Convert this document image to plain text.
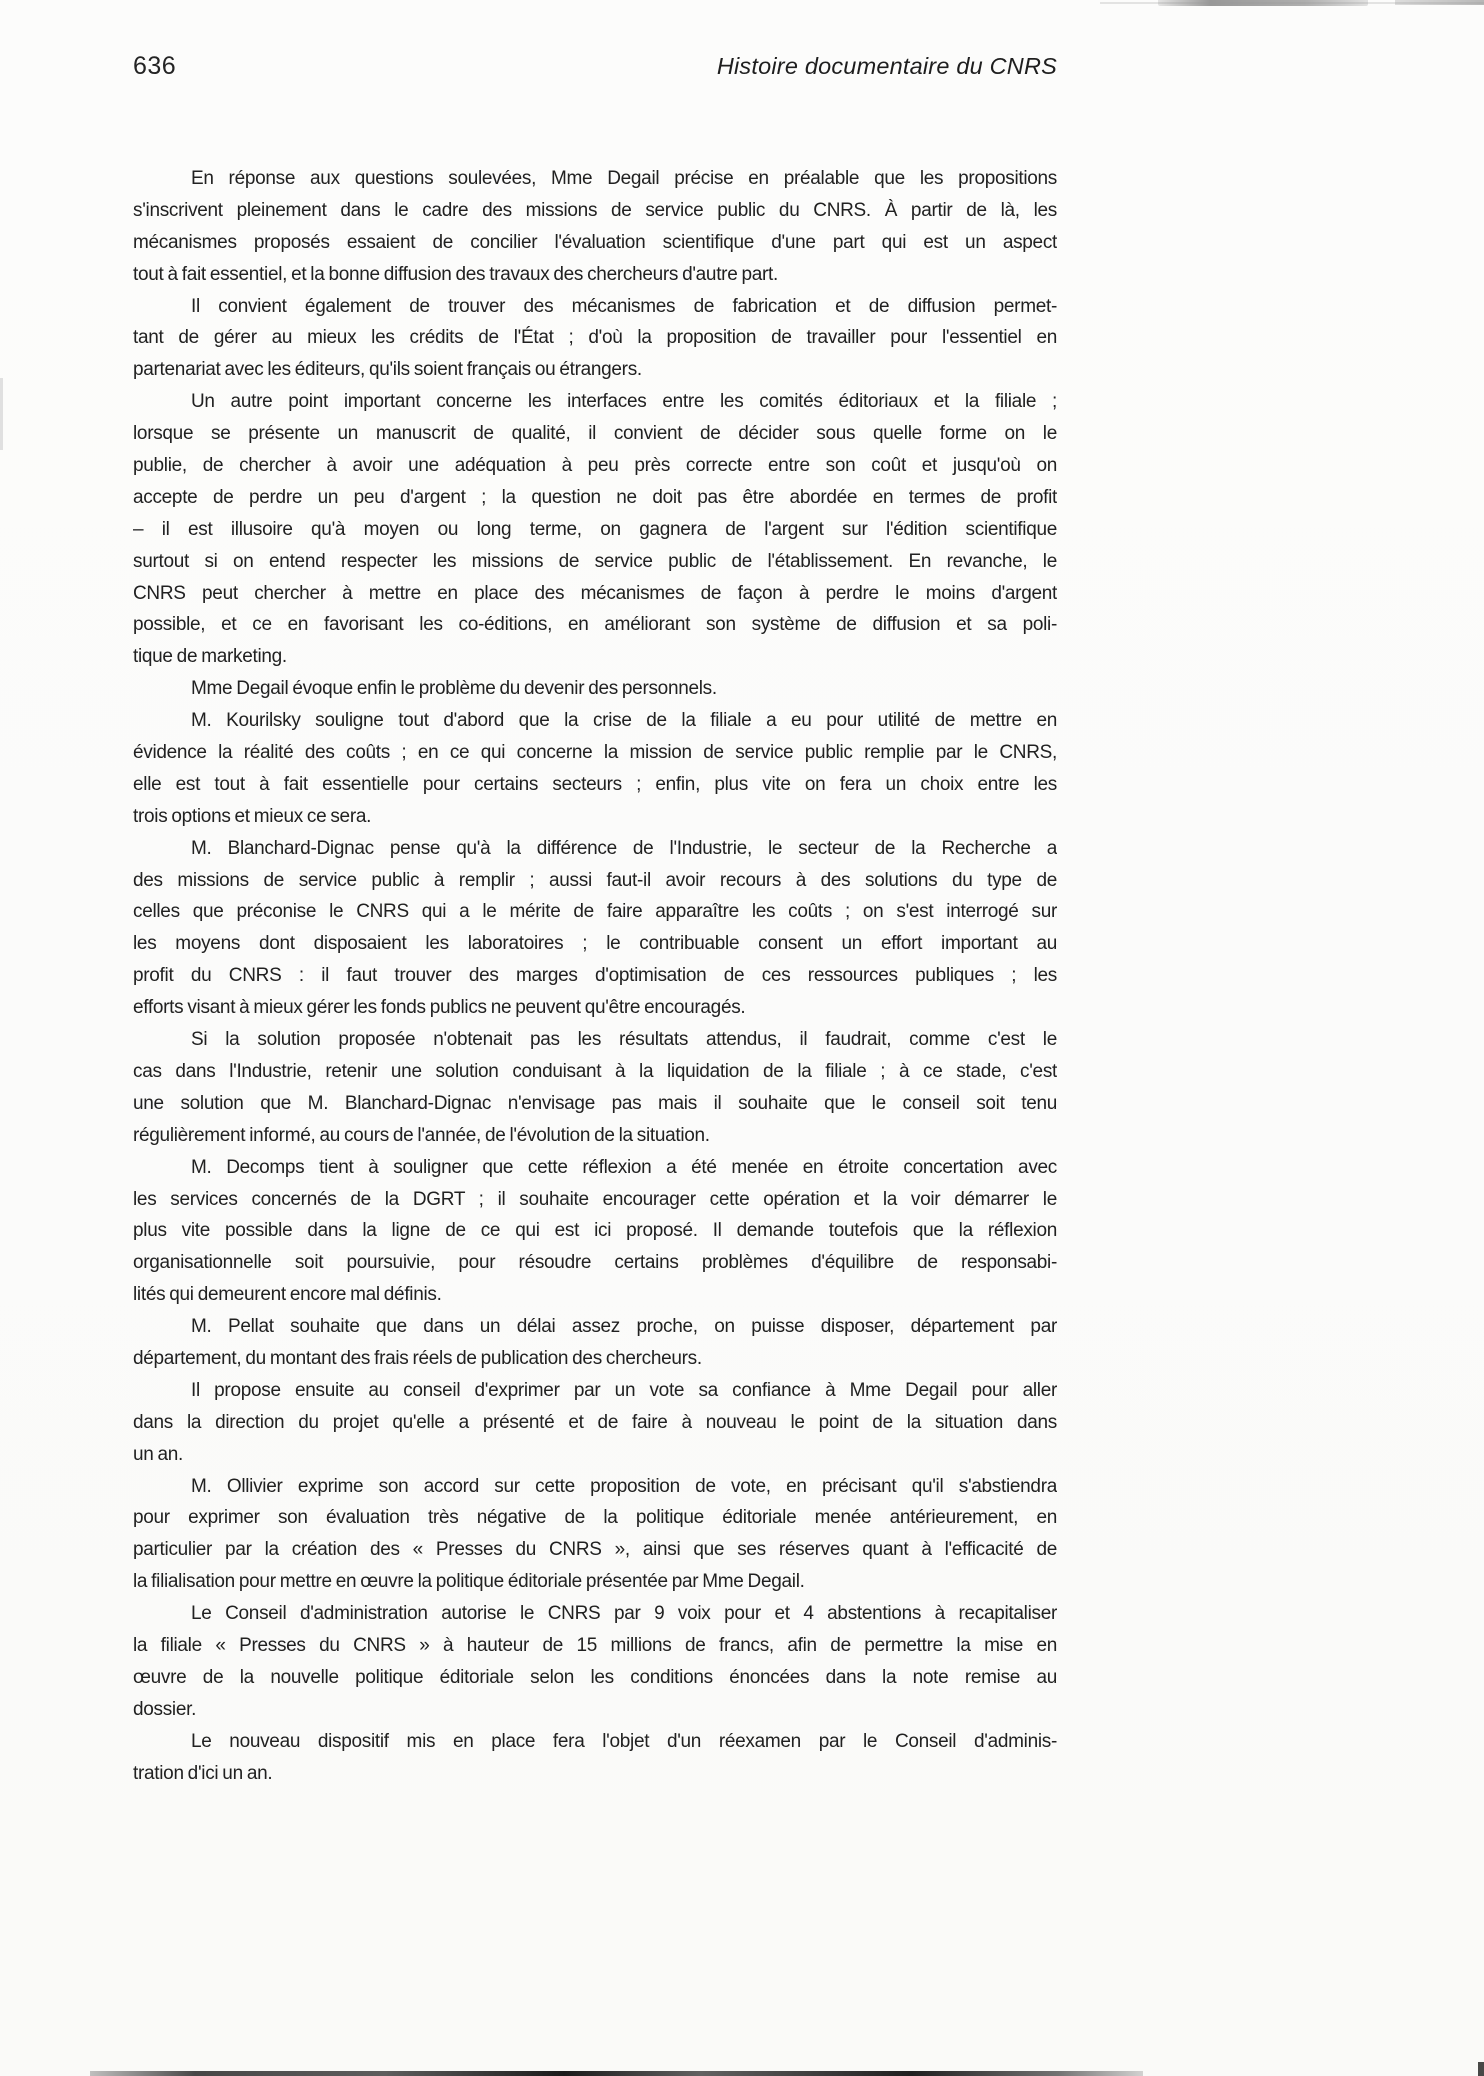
636	Histoire documentaire du CNRS
En réponse aux questions soulevées, Mme Degail précise en préalable que les propositions
s'inscrivent pleinement dans le cadre des missions de service public du CNRS. À partir de là, les
mécanismes proposés essaient de concilier l'évaluation scientifique d'une part qui est un aspect
tout à fait essentiel, et la bonne diffusion des travaux des chercheurs d'autre part.
Il convient également de trouver des mécanismes de fabrication et de diffusion permet-
tant de gérer au mieux les crédits de l'État ; d'où la proposition de travailler pour l'essentiel en
partenariat avec les éditeurs, qu'ils soient français ou étrangers.
Un autre point important concerne les interfaces entre les comités éditoriaux et la filiale ;
lorsque se présente un manuscrit de qualité, il convient de décider sous quelle forme on le
publie, de chercher à avoir une adéquation à peu près correcte entre son coût et jusqu'où on
accepte de perdre un peu d'argent ; la question ne doit pas être abordée en termes de profit
– il est illusoire qu'à moyen ou long terme, on gagnera de l'argent sur l'édition scientifique
surtout si on entend respecter les missions de service public de l'établissement. En revanche, le
CNRS peut chercher à mettre en place des mécanismes de façon à perdre le moins d'argent
possible, et ce en favorisant les co-éditions, en améliorant son système de diffusion et sa poli-
tique de marketing.
Mme Degail évoque enfin le problème du devenir des personnels.
M. Kourilsky souligne tout d'abord que la crise de la filiale a eu pour utilité de mettre en
évidence la réalité des coûts ; en ce qui concerne la mission de service public remplie par le CNRS,
elle est tout à fait essentielle pour certains secteurs ; enfin, plus vite on fera un choix entre les
trois options et mieux ce sera.
M. Blanchard-Dignac pense qu'à la différence de l'Industrie, le secteur de la Recherche a
des missions de service public à remplir ; aussi faut-il avoir recours à des solutions du type de
celles que préconise le CNRS qui a le mérite de faire apparaître les coûts ; on s'est interrogé sur
les moyens dont disposaient les laboratoires ; le contribuable consent un effort important au
profit du CNRS : il faut trouver des marges d'optimisation de ces ressources publiques ; les
efforts visant à mieux gérer les fonds publics ne peuvent qu'être encouragés.
Si la solution proposée n'obtenait pas les résultats attendus, il faudrait, comme c'est le
cas dans l'Industrie, retenir une solution conduisant à la liquidation de la filiale ; à ce stade, c'est
une solution que M. Blanchard-Dignac n'envisage pas mais il souhaite que le conseil soit tenu
régulièrement informé, au cours de l'année, de l'évolution de la situation.
M. Decomps tient à souligner que cette réflexion a été menée en étroite concertation avec
les services concernés de la DGRT ; il souhaite encourager cette opération et la voir démarrer le
plus vite possible dans la ligne de ce qui est ici proposé. Il demande toutefois que la réflexion
organisationnelle soit poursuivie, pour résoudre certains problèmes d'équilibre de responsabi-
lités qui demeurent encore mal définis.
M. Pellat souhaite que dans un délai assez proche, on puisse disposer, département par
département, du montant des frais réels de publication des chercheurs.
Il propose ensuite au conseil d'exprimer par un vote sa confiance à Mme Degail pour aller
dans la direction du projet qu'elle a présenté et de faire à nouveau le point de la situation dans
un an.
M. Ollivier exprime son accord sur cette proposition de vote, en précisant qu'il s'abstiendra
pour exprimer son évaluation très négative de la politique éditoriale menée antérieurement, en
particulier par la création des « Presses du CNRS », ainsi que ses réserves quant à l'efficacité de
la filialisation pour mettre en œuvre la politique éditoriale présentée par Mme Degail.
Le Conseil d'administration autorise le CNRS par 9 voix pour et 4 abstentions à recapitaliser
la filiale « Presses du CNRS » à hauteur de 15 millions de francs, afin de permettre la mise en
œuvre de la nouvelle politique éditoriale selon les conditions énoncées dans la note remise au
dossier.
Le nouveau dispositif mis en place fera l'objet d'un réexamen par le Conseil d'adminis-
tration d'ici un an.
